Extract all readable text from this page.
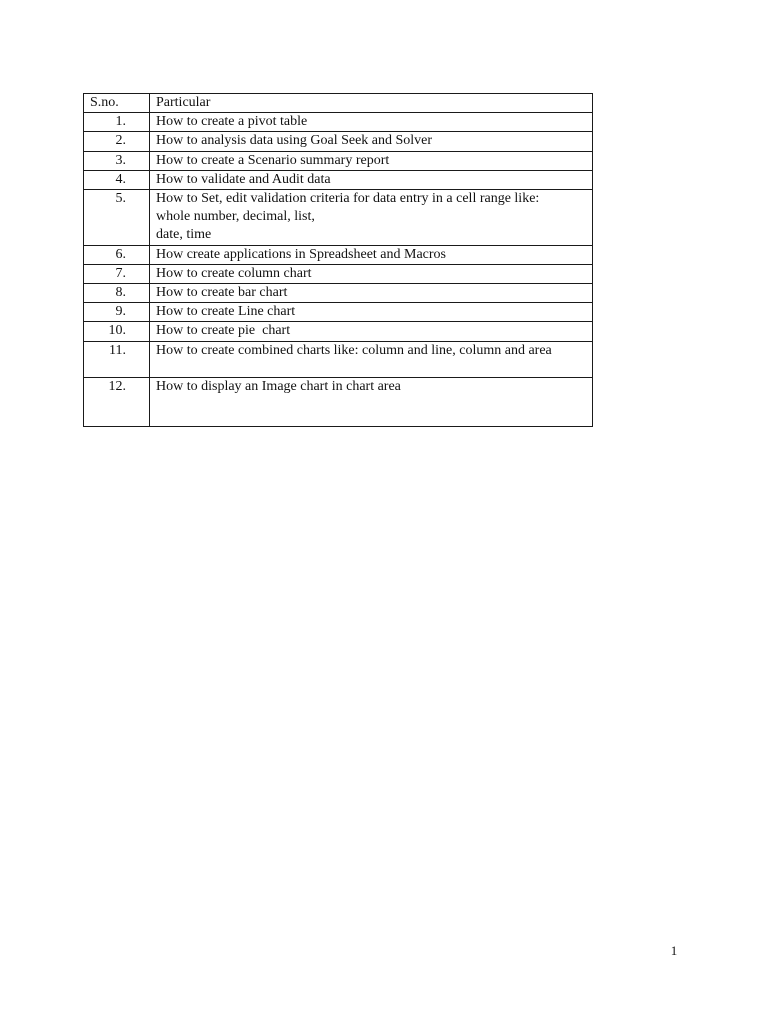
S.no.	Particular
1.	How to create a pivot table
2.	How to analysis data using Goal Seek and Solver
3.	How to create a Scenario summary report
4.	How to validate and Audit data
5.	How to Set, edit validation criteria for data entry in a cell range like:
whole number, decimal, list,
date, time
6.	How create applications in Spreadsheet and Macros
7.	How to create column chart
8.	How to create bar chart
9.	How to create Line chart
10.	How to create pie  chart
11.	How to create combined charts like: column and line, column and area
12.	How to display an Image chart in chart area
1
